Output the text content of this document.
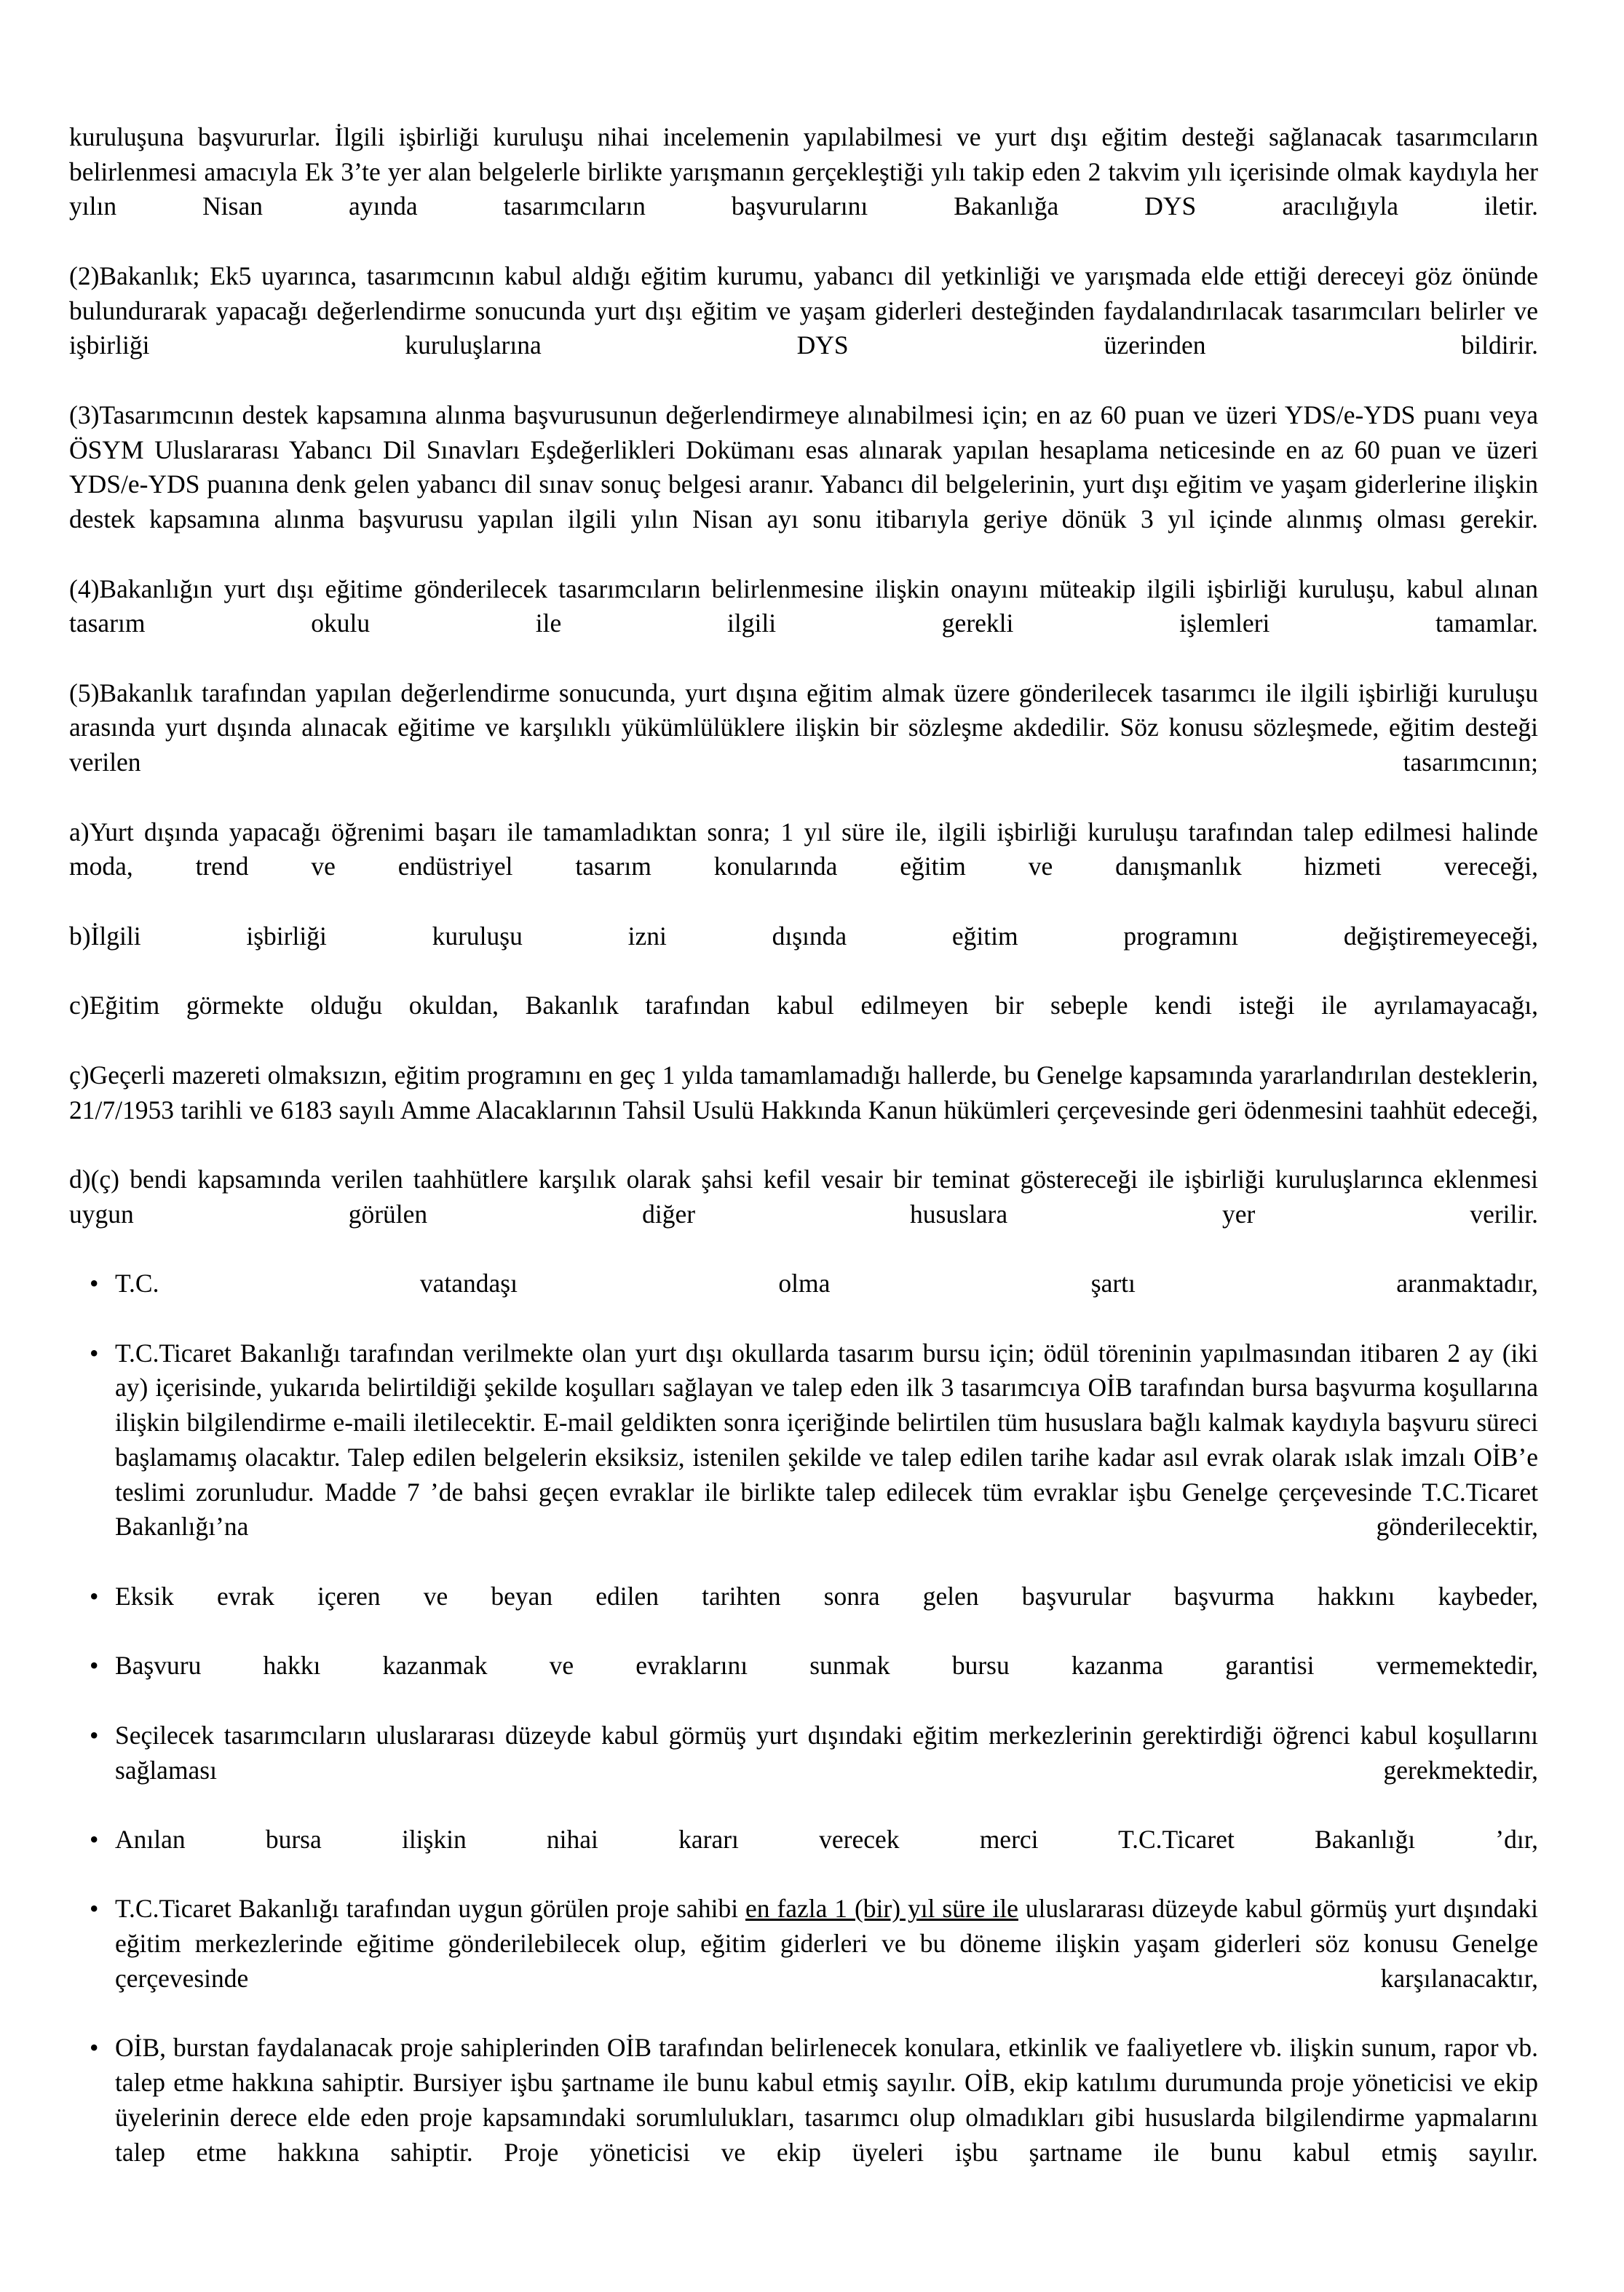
kuruluşuna başvururlar. İlgili işbirliği kuruluşu nihai incelemenin yapılabilmesi ve yurt dışı eğitim desteği sağlanacak tasarımcıların belirlenmesi amacıyla Ek 3’te yer alan belgelerle birlikte yarışmanın gerçekleştiği yılı takip eden 2 takvim yılı içerisinde olmak kaydıyla her yılın Nisan ayında tasarımcıların başvurularını Bakanlığa DYS aracılığıyla iletir.

(2)Bakanlık; Ek5 uyarınca, tasarımcının kabul aldığı eğitim kurumu, yabancı dil yetkinliği ve yarışmada elde ettiği dereceyi göz önünde bulundurarak yapacağı değerlendirme sonucunda yurt dışı eğitim ve yaşam giderleri desteğinden faydalandırılacak tasarımcıları belirler ve işbirliği kuruluşlarına DYS üzerinden bildirir.

(3)Tasarımcının destek kapsamına alınma başvurusunun değerlendirmeye alınabilmesi için; en az 60 puan ve üzeri YDS/e-YDS puanı veya ÖSYM Uluslararası Yabancı Dil Sınavları Eşdeğerlikleri Dokümanı esas alınarak yapılan hesaplama neticesinde en az 60 puan ve üzeri YDS/e-YDS puanına denk gelen yabancı dil sınav sonuç belgesi aranır. Yabancı dil belgelerinin, yurt dışı eğitim ve yaşam giderlerine ilişkin destek kapsamına alınma başvurusu yapılan ilgili yılın Nisan ayı sonu itibarıyla geriye dönük 3 yıl içinde alınmış olması gerekir.

(4)Bakanlığın yurt dışı eğitime gönderilecek tasarımcıların belirlenmesine ilişkin onayını müteakip ilgili işbirliği kuruluşu, kabul alınan tasarım okulu ile ilgili gerekli işlemleri tamamlar.

(5)Bakanlık tarafından yapılan değerlendirme sonucunda, yurt dışına eğitim almak üzere gönderilecek tasarımcı ile ilgili işbirliği kuruluşu arasında yurt dışında alınacak eğitime ve karşılıklı yükümlülüklere ilişkin bir sözleşme akdedilir. Söz konusu sözleşmede, eğitim desteği verilen tasarımcının;

a)Yurt dışında yapacağı öğrenimi başarı ile tamamladıktan sonra; 1 yıl süre ile, ilgili işbirliği kuruluşu tarafından talep edilmesi halinde moda, trend ve endüstriyel tasarım konularında eğitim ve danışmanlık hizmeti vereceği,

b)İlgili işbirliği kuruluşu izni dışında eğitim programını değiştiremeyeceği,

c)Eğitim görmekte olduğu okuldan, Bakanlık tarafından kabul edilmeyen bir sebeple kendi isteği ile ayrılamayacağı,

ç)Geçerli mazereti olmaksızın, eğitim programını en geç 1 yılda tamamlamadığı hallerde, bu Genelge kapsamında yararlandırılan desteklerin, 21/7/1953 tarihli ve 6183 sayılı Amme Alacaklarının Tahsil Usulü Hakkında Kanun hükümleri çerçevesinde geri ödenmesini taahhüt edeceği,

d)(ç) bendi kapsamında verilen taahhütlere karşılık olarak şahsi kefil vesair bir teminat göstereceği ile işbirliği kuruluşlarınca eklenmesi uygun görülen diğer hususlara yer verilir.

• T.C. vatandaşı olma şartı aranmaktadır,
• T.C.Ticaret Bakanlığı tarafından verilmekte olan yurt dışı okullarda tasarım bursu için; ödül töreninin yapılmasından itibaren 2 ay (iki ay) içerisinde, yukarıda belirtildiği şekilde koşulları sağlayan ve talep eden ilk 3 tasarımcıya OİB tarafından bursa başvurma koşullarına ilişkin bilgilendirme e-maili iletilecektir. E-mail geldikten sonra içeriğinde belirtilen tüm hususlara bağlı kalmak kaydıyla başvuru süreci başlamamış olacaktır. Talep edilen belgelerin eksiksiz, istenilen şekilde ve talep edilen tarihe kadar asıl evrak olarak ıslak imzalı OİB’e teslimi zorunludur. Madde 7 ’de bahsi geçen evraklar ile birlikte talep edilecek tüm evraklar işbu Genelge çerçevesinde T.C.Ticaret Bakanlığı’na gönderilecektir,
• Eksik evrak içeren ve beyan edilen tarihten sonra gelen başvurular başvurma hakkını kaybeder,
• Başvuru hakkı kazanmak ve evraklarını sunmak bursu kazanma garantisi vermemektedir,
• Seçilecek tasarımcıların uluslararası düzeyde kabul görmüş yurt dışındaki eğitim merkezlerinin gerektirdiği öğrenci kabul koşullarını sağlaması gerekmektedir,
• Anılan bursa ilişkin nihai kararı verecek merci T.C.Ticaret Bakanlığı ’dır,
• T.C.Ticaret Bakanlığı tarafından uygun görülen proje sahibi en fazla 1 (bir) yıl süre ile uluslararası düzeyde kabul görmüş yurt dışındaki eğitim merkezlerinde eğitime gönderilebilecek olup, eğitim giderleri ve bu döneme ilişkin yaşam giderleri söz konusu Genelge çerçevesinde karşılanacaktır,
• OİB, burstan faydalanacak proje sahiplerinden OİB tarafından belirlenecek konulara, etkinlik ve faaliyetlere vb. ilişkin sunum, rapor vb. talep etme hakkına sahiptir. Bursiyer işbu şartname ile bunu kabul etmiş sayılır. OİB, ekip katılımı durumunda proje yöneticisi ve ekip üyelerinin derece elde eden proje kapsamındaki sorumlulukları, tasarımcı olup olmadıkları gibi hususlarda bilgilendirme yapmalarını talep etme hakkına sahiptir. Proje yöneticisi ve ekip üyeleri işbu şartname ile bunu kabul etmiş sayılır.
